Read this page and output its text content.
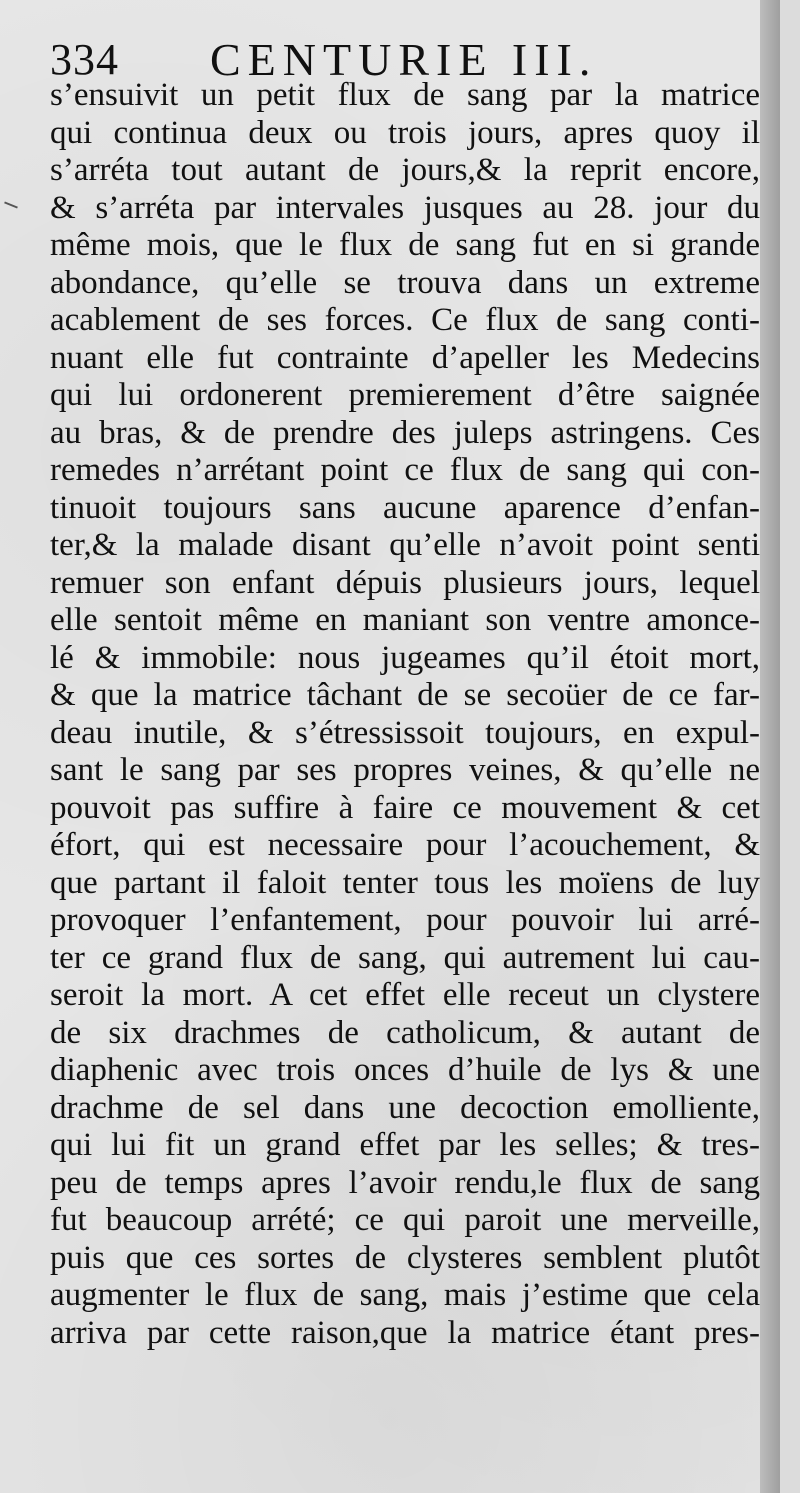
334 CENTURIE III.
s’ensuivit un petit flux de sang par la matrice
qui continua deux ou trois jours, apres quoy il
s’arréta tout autant de jours,& la reprit encore,
& s’arréta par intervales jusques au 28. jour du
même mois, que le flux de sang fut en si grande
abondance, qu’elle se trouva dans un extreme
acablement de ses forces. Ce flux de sang conti-
nuant elle fut contrainte d’apeller les Medecins
qui lui ordonerent premierement d’être saignée
au bras, & de prendre des juleps astringens. Ces
remedes n’arrétant point ce flux de sang qui con-
tinuoit toujours sans aucune aparence d’enfan-
ter,& la malade disant qu’elle n’avoit point senti
remuer son enfant dépuis plusieurs jours, lequel
elle sentoit même en maniant son ventre amonce-
lé & immobile: nous jugeames qu’il étoit mort,
& que la matrice tâchant de se secoüer de ce far-
deau inutile, & s’étressissoit toujours, en expul-
sant le sang par ses propres veines, & qu’elle ne
pouvoit pas suffire à faire ce mouvement & cet
éfort, qui est necessaire pour l’acouchement, &
que partant il faloit tenter tous les moïens de luy
provoquer l’enfantement, pour pouvoir lui arré-
ter ce grand flux de sang, qui autrement lui cau-
seroit la mort. A cet effet elle receut un clystere
de six drachmes de catholicum, & autant de
diaphenic avec trois onces d’huile de lys & une
drachme de sel dans une decoction emolliente,
qui lui fit un grand effet par les selles; & tres-
peu de temps apres l’avoir rendu,le flux de sang
fut beaucoup arrété; ce qui paroit une merveille,
puis que ces sortes de clysteres semblent plutôt
augmenter le flux de sang, mais j’estime que cela
arriva par cette raison,que la matrice étant pres-
